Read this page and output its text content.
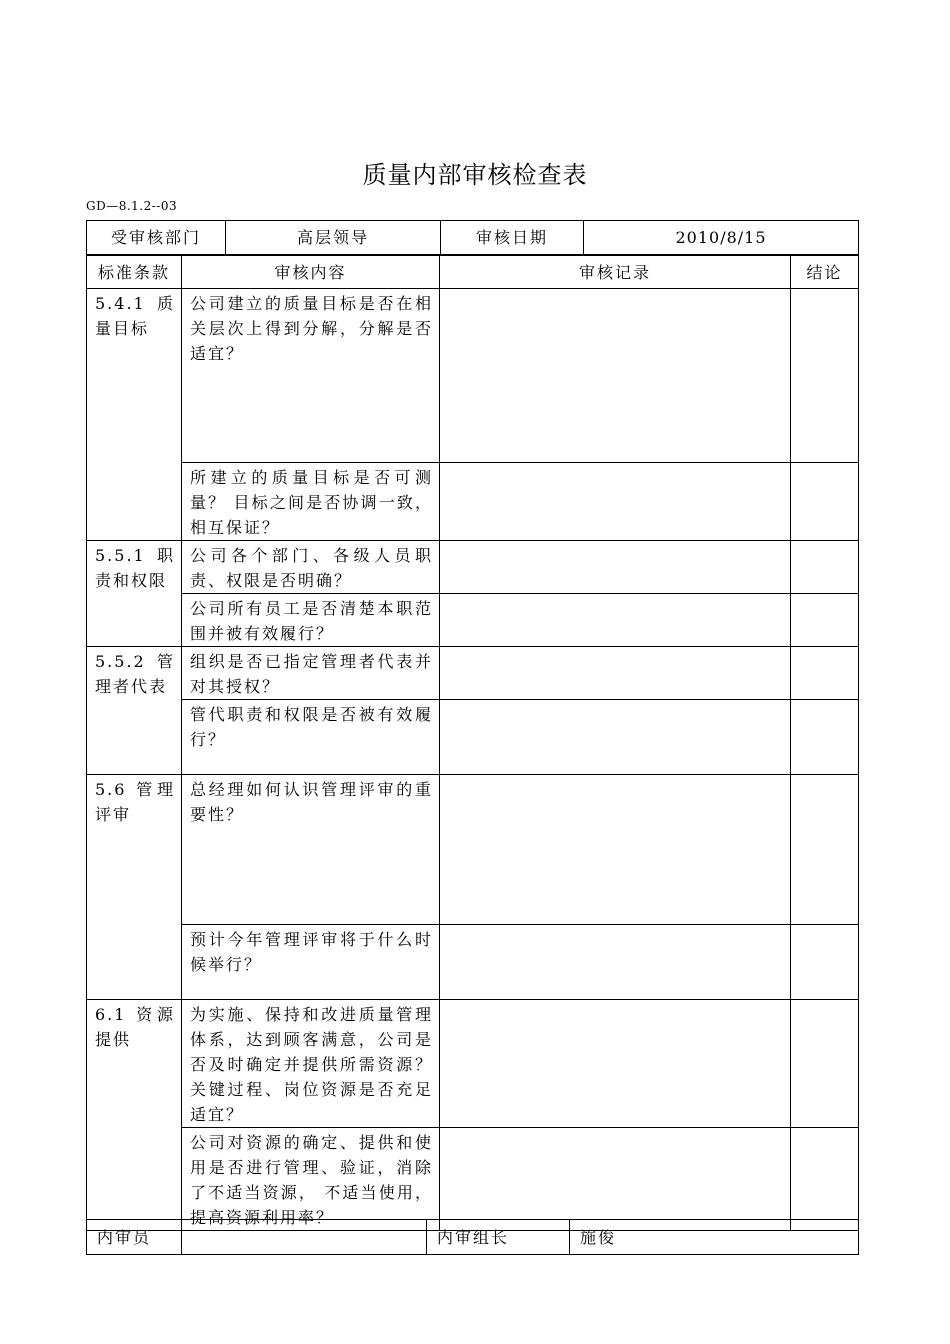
质量内部审核检查表
GD—8.1.2--03
受审核部门	高层领导	审核日期	2010/8/15
标准条款	审核内容	审核记录	结论
5.4.1 质量目标	公司建立的质量目标是否在相关层次上得到分解，分解是否适宜？		
	所建立的质量目标是否可测量？ 目标之间是否协调一致，相互保证？		
5.5.1 职责和权限	公司各个部门、各级人员职责、权限是否明确？		
	公司所有员工是否清楚本职范围并被有效履行？		
5.5.2 管理者代表	组织是否已指定管理者代表并对其授权？		
	管代职责和权限是否被有效履行？		
5.6 管理评审	总经理如何认识管理评审的重要性？		
	预计今年管理评审将于什么时候举行？		
6.1 资源提供	为实施、保持和改进质量管理体系，达到顾客满意，公司是否及时确定并提供所需资源？关键过程、岗位资源是否充足适宜？		
	公司对资源的确定、提供和使用是否进行管理、验证，消除了不适当资源， 不适当使用，提高资源利用率？		
内审员		内审组长	施俊
